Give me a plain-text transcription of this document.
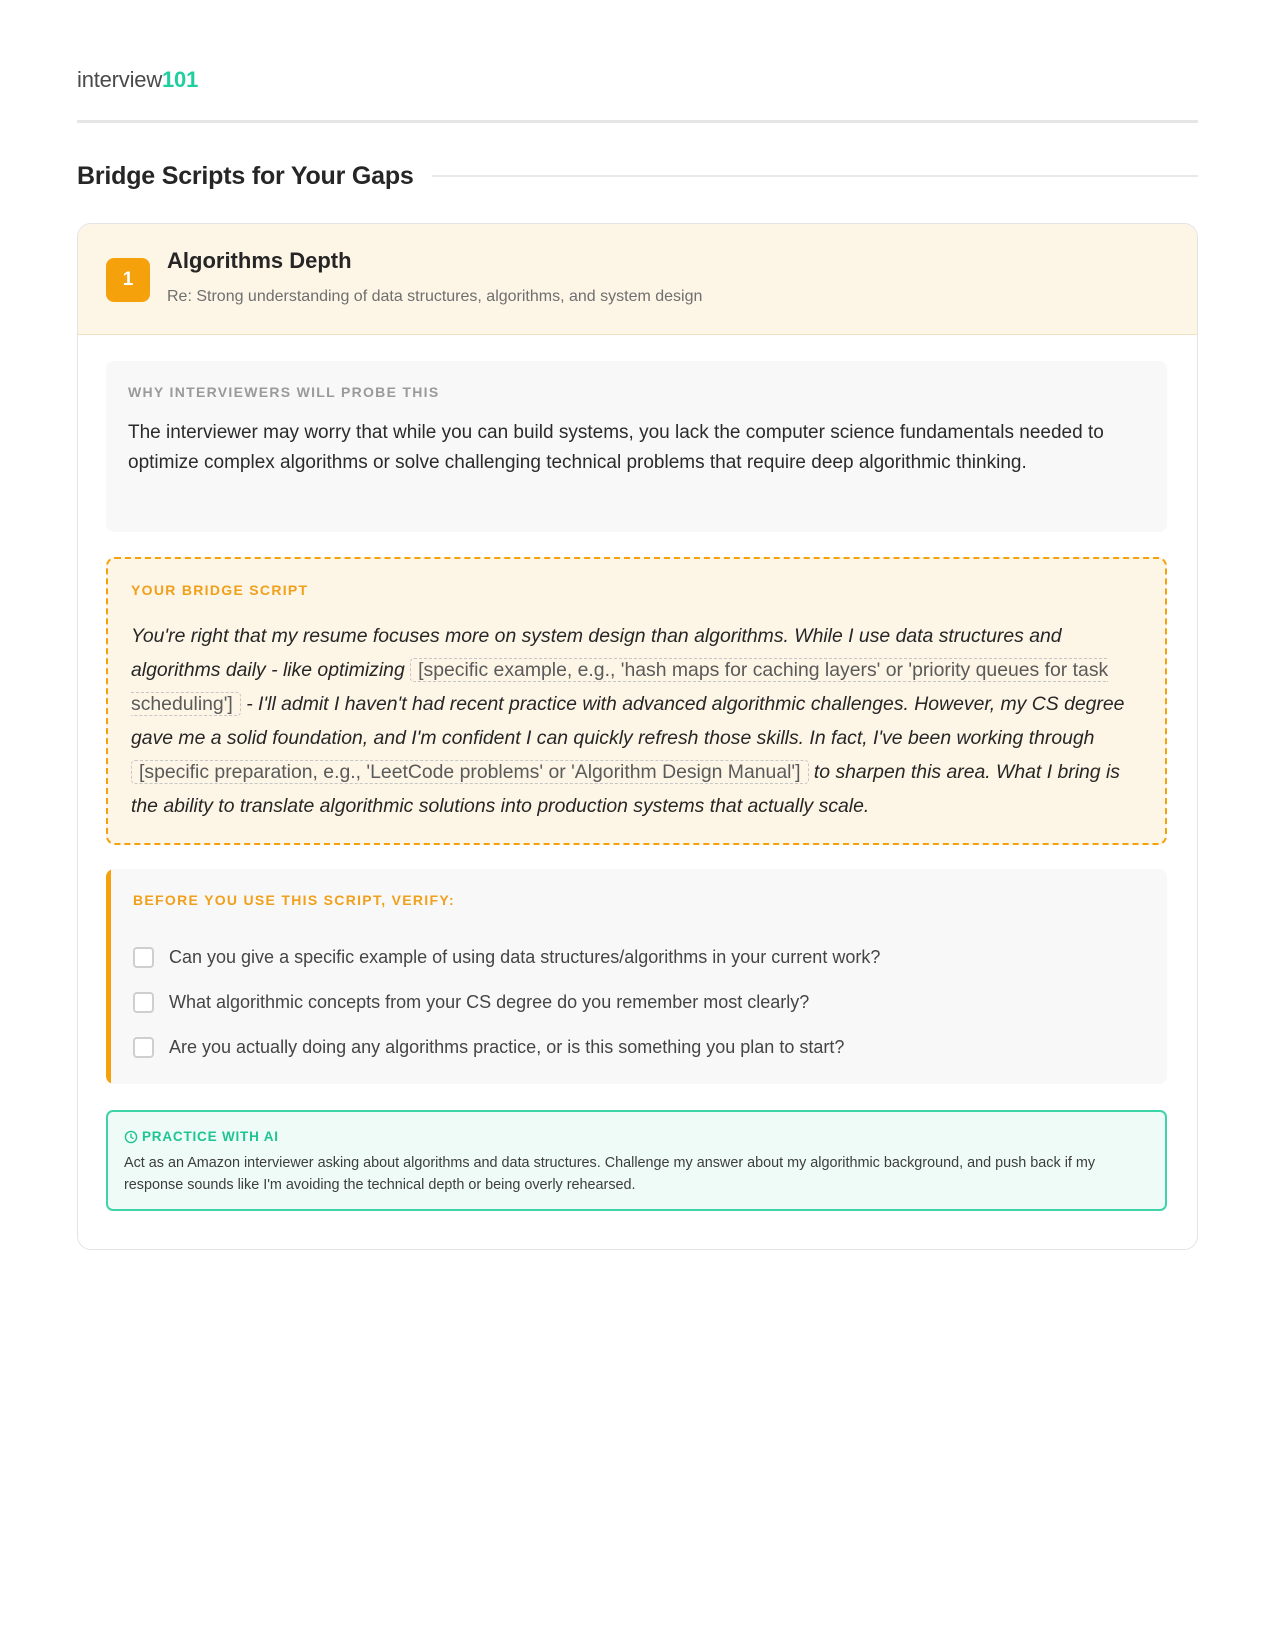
interview101
Bridge Scripts for Your Gaps
1
Algorithms Depth
Re: Strong understanding of data structures, algorithms, and system design
WHY INTERVIEWERS WILL PROBE THIS
The interviewer may worry that while you can build systems, you lack the computer science fundamentals needed to optimize complex algorithms or solve challenging technical problems that require deep algorithmic thinking.
YOUR BRIDGE SCRIPT
You're right that my resume focuses more on system design than algorithms. While I use data structures and algorithms daily - like optimizing [specific example, e.g., 'hash maps for caching layers' or 'priority queues for task scheduling'] - I'll admit I haven't had recent practice with advanced algorithmic challenges. However, my CS degree gave me a solid foundation, and I'm confident I can quickly refresh those skills. In fact, I've been working through [specific preparation, e.g., 'LeetCode problems' or 'Algorithm Design Manual'] to sharpen this area. What I bring is the ability to translate algorithmic solutions into production systems that actually scale.
BEFORE YOU USE THIS SCRIPT, VERIFY:
Can you give a specific example of using data structures/algorithms in your current work?
What algorithmic concepts from your CS degree do you remember most clearly?
Are you actually doing any algorithms practice, or is this something you plan to start?
PRACTICE WITH AI
Act as an Amazon interviewer asking about algorithms and data structures. Challenge my answer about my algorithmic background, and push back if my response sounds like I'm avoiding the technical depth or being overly rehearsed.
